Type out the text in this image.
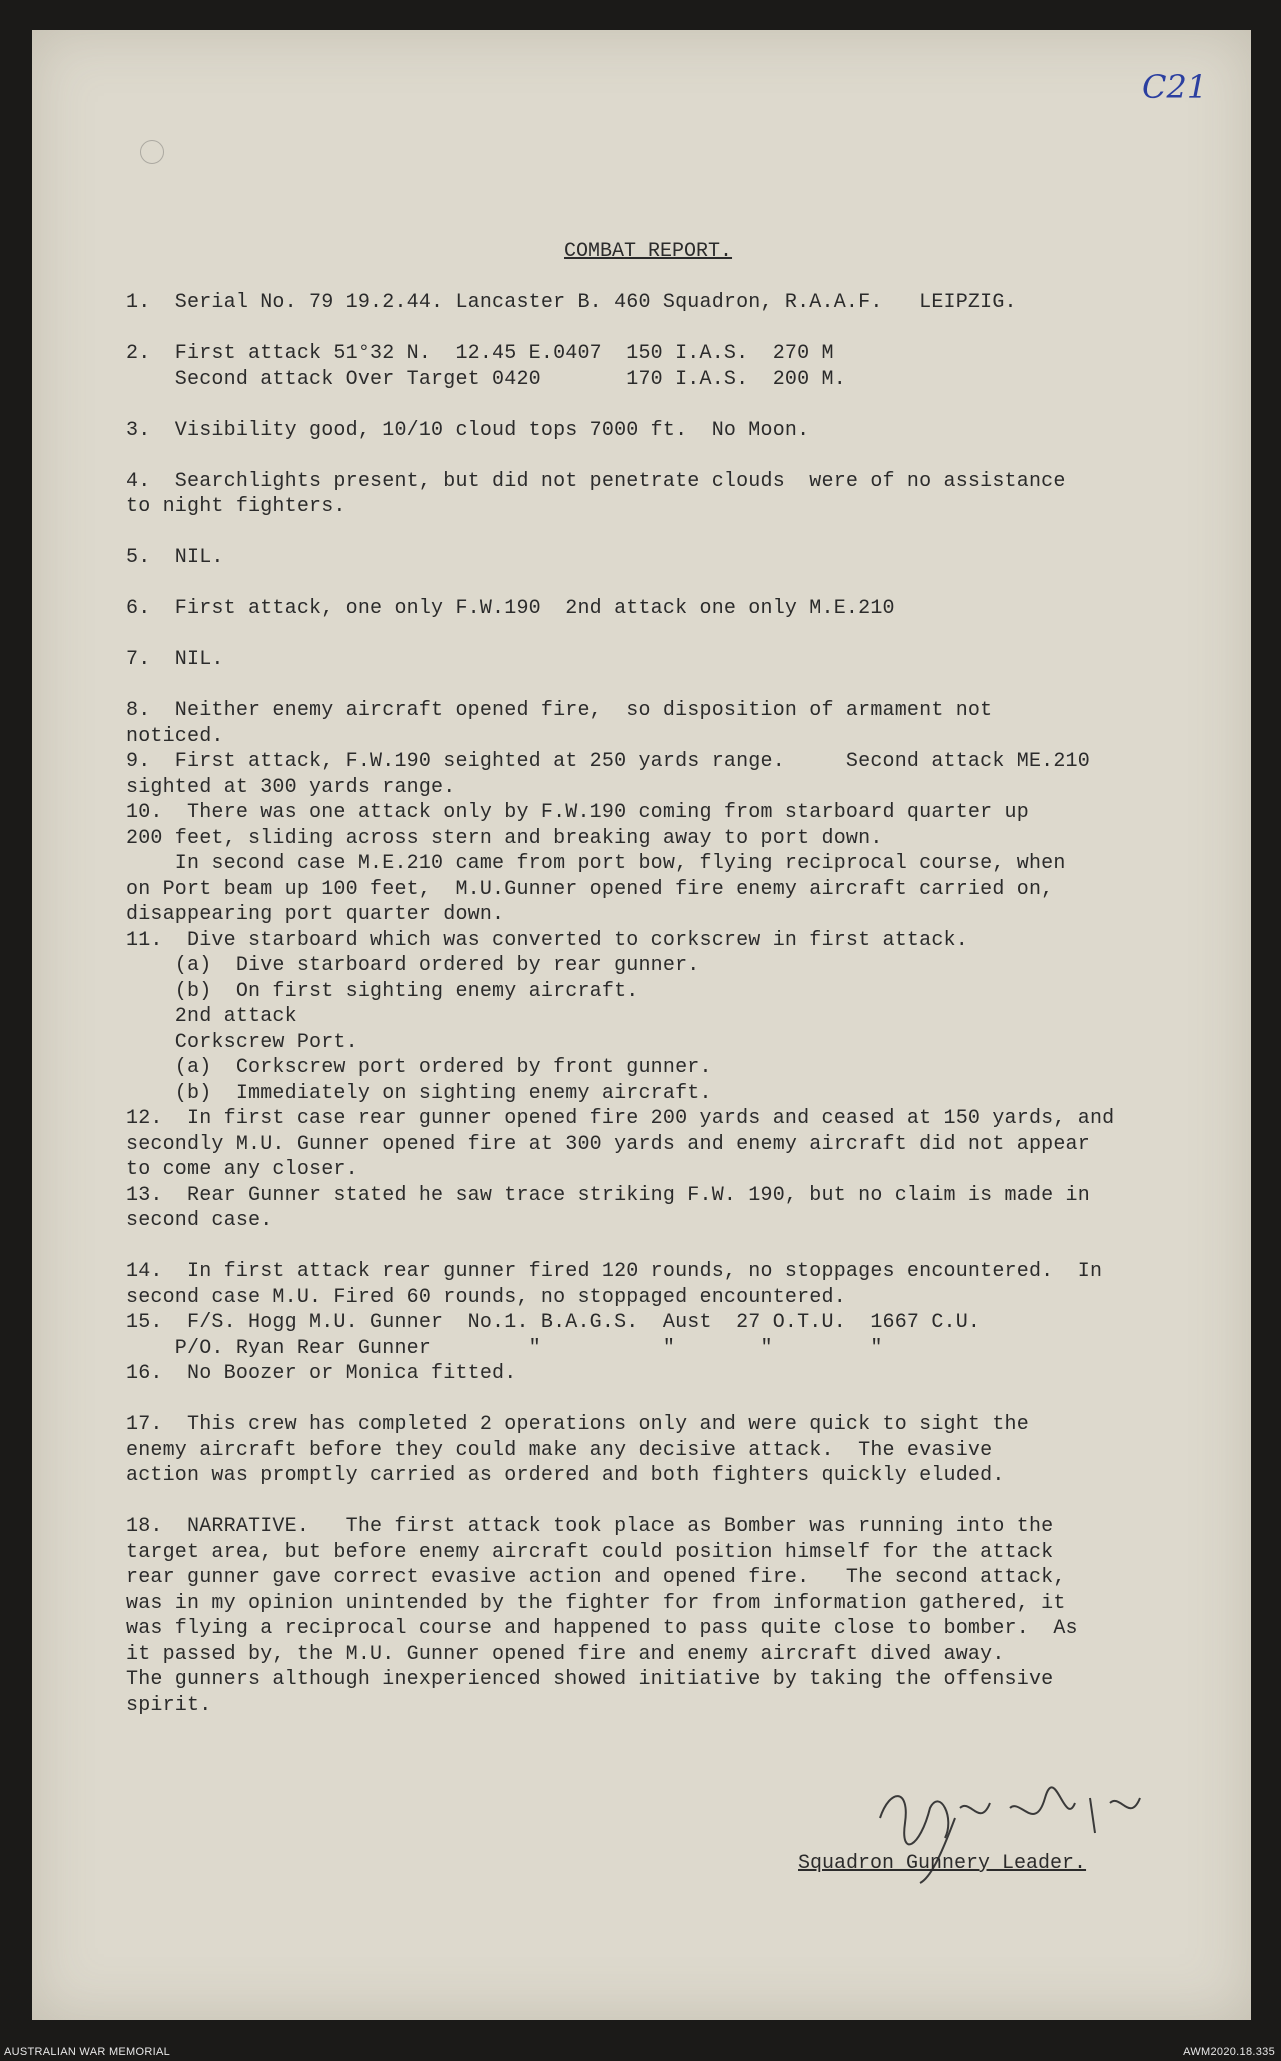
C21
COMBAT REPORT.
1.  Serial No. 79 19.2.44. Lancaster B. 460 Squadron, R.A.A.F.   LEIPZIG.
2.  First attack 51°32 N.  12.45 E.0407  150 I.A.S.  270 M
Second attack Over Target 0420       170 I.A.S.  200 M.
3.  Visibility good, 10/10 cloud tops 7000 ft.  No Moon.
4.  Searchlights present, but did not penetrate clouds  were of no assistance
to night fighters.
5.  NIL.
6.  First attack, one only F.W.190  2nd attack one only M.E.210
7.  NIL.
8.  Neither enemy aircraft opened fire,  so disposition of armament not
noticed.
9.  First attack, F.W.190 seighted at 250 yards range.     Second attack ME.210
sighted at 300 yards range.
10.  There was one attack only by F.W.190 coming from starboard quarter up
200 feet, sliding across stern and breaking away to port down.
In second case M.E.210 came from port bow, flying reciprocal course, when
on Port beam up 100 feet,  M.U.Gunner opened fire enemy aircraft carried on,
disappearing port quarter down.
11.  Dive starboard which was converted to corkscrew in first attack.
(a)  Dive starboard ordered by rear gunner.
(b)  On first sighting enemy aircraft.
2nd attack
Corkscrew Port.
(a)  Corkscrew port ordered by front gunner.
(b)  Immediately on sighting enemy aircraft.
12.  In first case rear gunner opened fire 200 yards and ceased at 150 yards, and
secondly M.U. Gunner opened fire at 300 yards and enemy aircraft did not appear
to come any closer.
13.  Rear Gunner stated he saw trace striking F.W. 190, but no claim is made in
second case.
14.  In first attack rear gunner fired 120 rounds, no stoppages encountered.  In
second case M.U. Fired 60 rounds, no stoppaged encountered.
15.  F/S. Hogg M.U. Gunner  No.1. B.A.G.S.  Aust  27 O.T.U.  1667 C.U.
P/O. Ryan Rear Gunner        "          "       "        "
16.  No Boozer or Monica fitted.
17.  This crew has completed 2 operations only and were quick to sight the
enemy aircraft before they could make any decisive attack.  The evasive
action was promptly carried as ordered and both fighters quickly eluded.
18.  NARRATIVE.   The first attack took place as Bomber was running into the
target area, but before enemy aircraft could position himself for the attack
rear gunner gave correct evasive action and opened fire.   The second attack,
was in my opinion unintended by the fighter for from information gathered, it
was flying a reciprocal course and happened to pass quite close to bomber.  As
it passed by, the M.U. Gunner opened fire and enemy aircraft dived away.
The gunners although inexperienced showed initiative by taking the offensive
spirit.
Squadron Gunnery Leader.
AUSTRALIAN WAR MEMORIAL	AWM2020.18.335
